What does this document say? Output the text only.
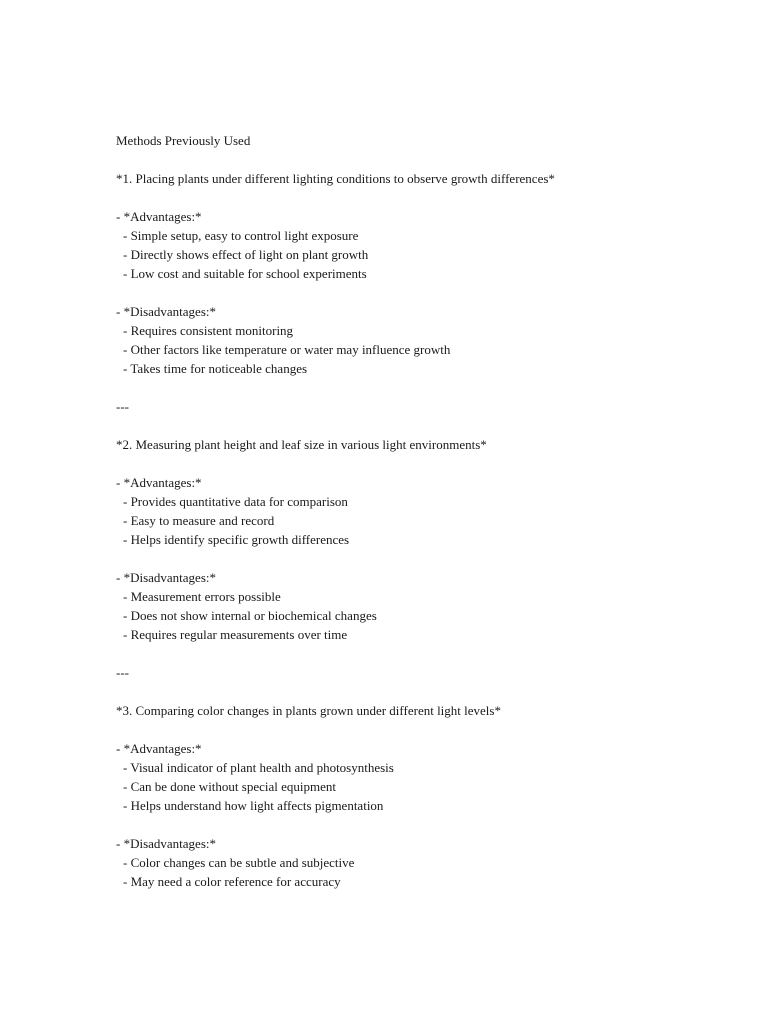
Methods Previously Used
*1. Placing plants under different lighting conditions to observe growth differences*
- *Advantages:*
- Simple setup, easy to control light exposure
- Directly shows effect of light on plant growth
- Low cost and suitable for school experiments
- *Disadvantages:*
- Requires consistent monitoring
- Other factors like temperature or water may influence growth
- Takes time for noticeable changes
---
*2. Measuring plant height and leaf size in various light environments*
- *Advantages:*
- Provides quantitative data for comparison
- Easy to measure and record
- Helps identify specific growth differences
- *Disadvantages:*
- Measurement errors possible
- Does not show internal or biochemical changes
- Requires regular measurements over time
---
*3. Comparing color changes in plants grown under different light levels*
- *Advantages:*
- Visual indicator of plant health and photosynthesis
- Can be done without special equipment
- Helps understand how light affects pigmentation
- *Disadvantages:*
- Color changes can be subtle and subjective
- May need a color reference for accuracy
